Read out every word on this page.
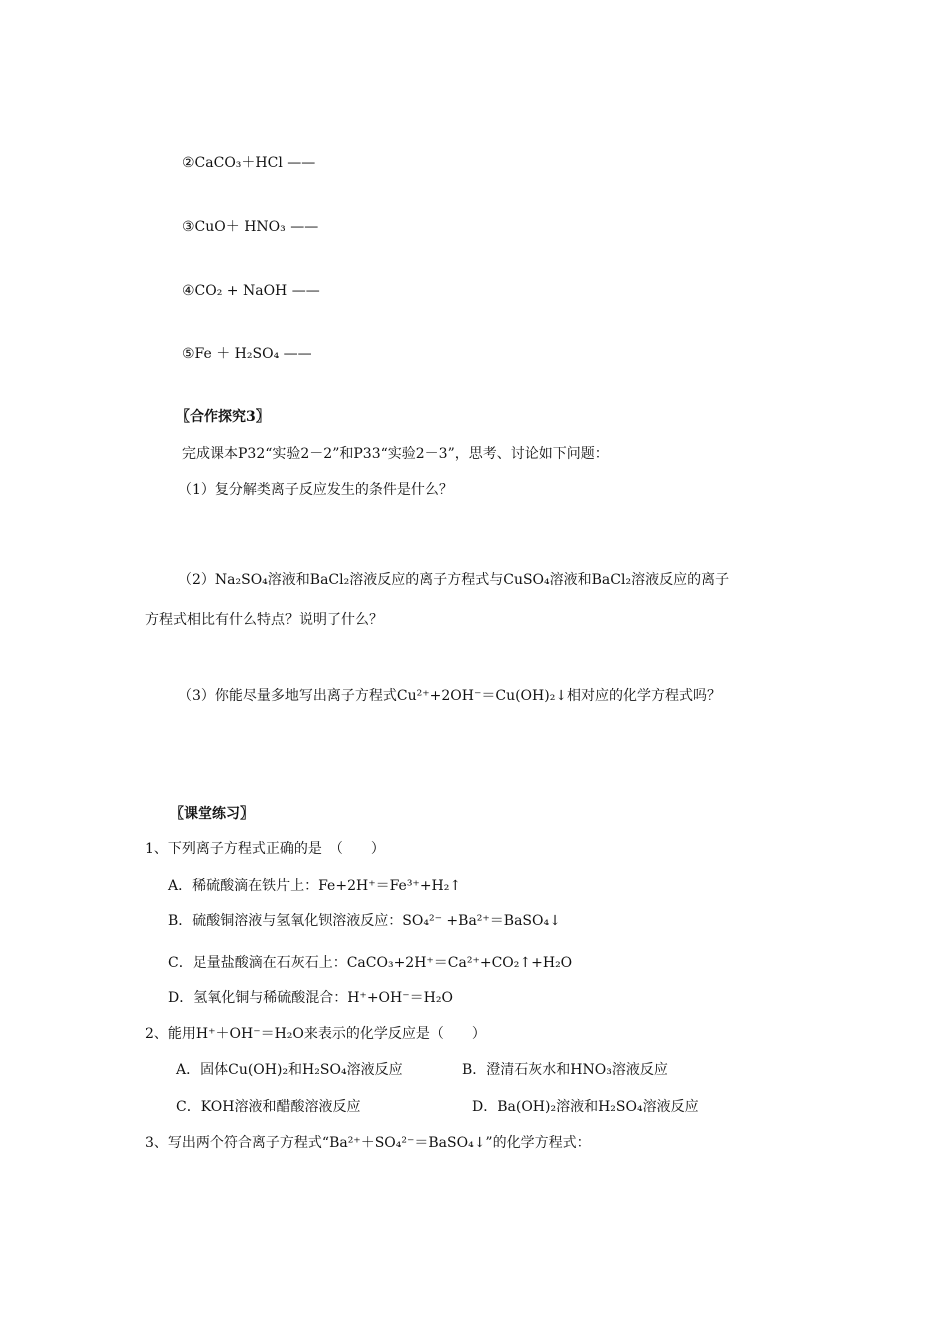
②CaCO₃＋HCl ——
③CuO＋ HNO₃ ——
④CO₂ + NaOH ——
⑤Fe ＋ H₂SO₄ ——
〖合作探究3〗
完成课本P32“实验2－2”和P33“实验2－3”，思考、讨论如下问题：
（1）复分解类离子反应发生的条件是什么？
（2）Na₂SO₄溶液和BaCl₂溶液反应的离子方程式与CuSO₄溶液和BaCl₂溶液反应的离子
方程式相比有什么特点？说明了什么？
（3）你能尽量多地写出离子方程式Cu²⁺+2OH⁻＝Cu(OH)₂↓相对应的化学方程式吗？
〖课堂练习〗
1、下列离子方程式正确的是　（　　）
A．稀硫酸滴在铁片上：Fe+2H⁺＝Fe³⁺+H₂↑
B．硫酸铜溶液与氢氧化钡溶液反应：SO₄²⁻ +Ba²⁺＝BaSO₄↓
C．足量盐酸滴在石灰石上：CaCO₃+2H⁺＝Ca²⁺+CO₂↑+H₂O
D．氢氧化铜与稀硫酸混合：H⁺+OH⁻＝H₂O
2、能用H⁺＋OH⁻＝H₂O来表示的化学反应是（　　）
A．固体Cu(OH)₂和H₂SO₄溶液反应	B．澄清石灰水和HNO₃溶液反应
C．KOH溶液和醋酸溶液反应	D．Ba(OH)₂溶液和H₂SO₄溶液反应
3、写出两个符合离子方程式“Ba²⁺＋SO₄²⁻＝BaSO₄↓”的化学方程式：
